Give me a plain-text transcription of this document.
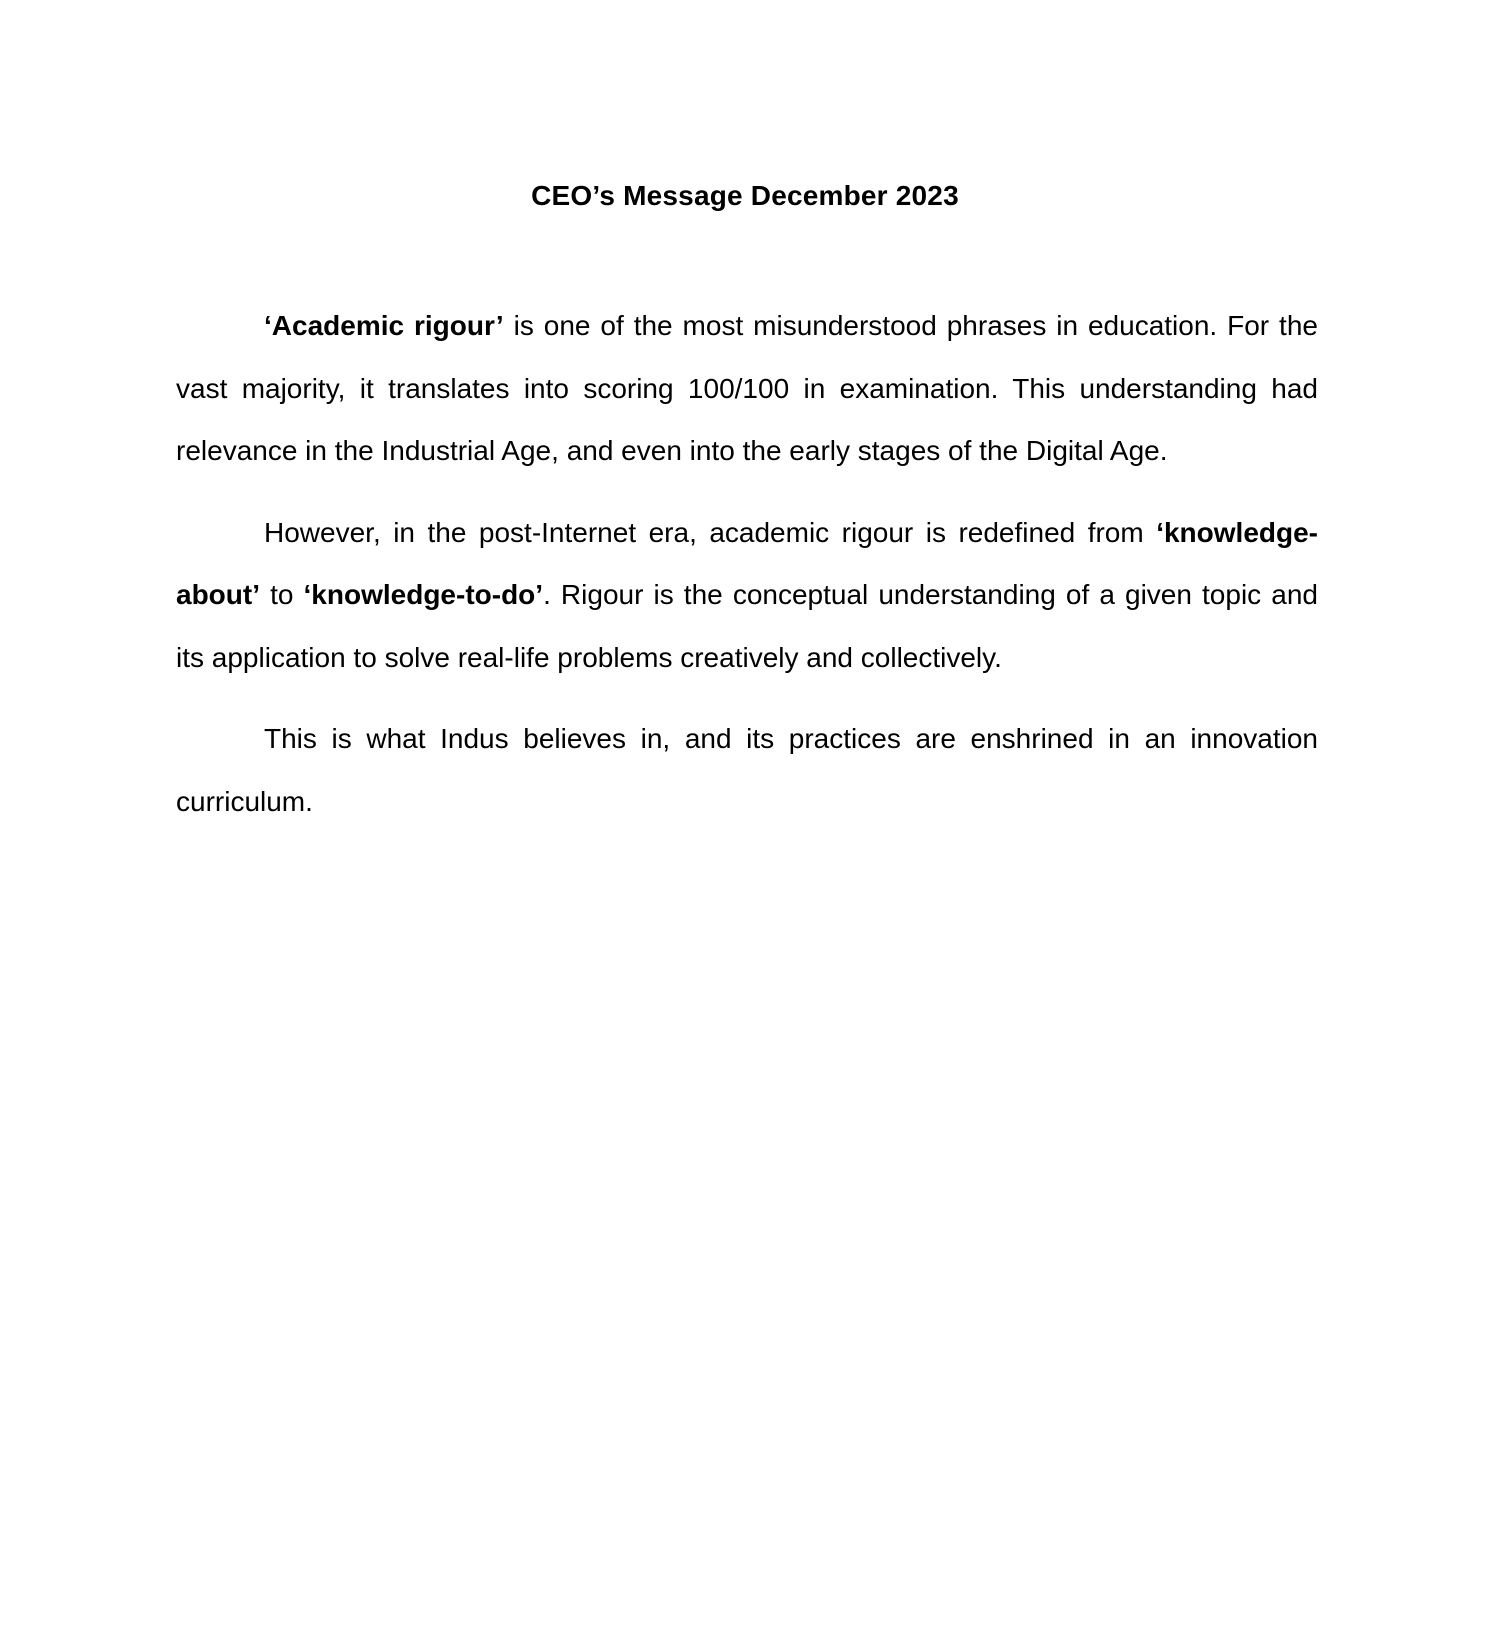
CEO’s Message December 2023

‘Academic rigour’ is one of the most misunderstood phrases in education. For the vast majority, it translates into scoring 100/100 in examination. This understanding had relevance in the Industrial Age, and even into the early stages of the Digital Age.

However, in the post-Internet era, academic rigour is redefined from ‘knowledge-about’ to ‘knowledge-to-do’. Rigour is the conceptual understanding of a given topic and its application to solve real-life problems creatively and collectively.

This is what Indus believes in, and its practices are enshrined in an innovation curriculum.
